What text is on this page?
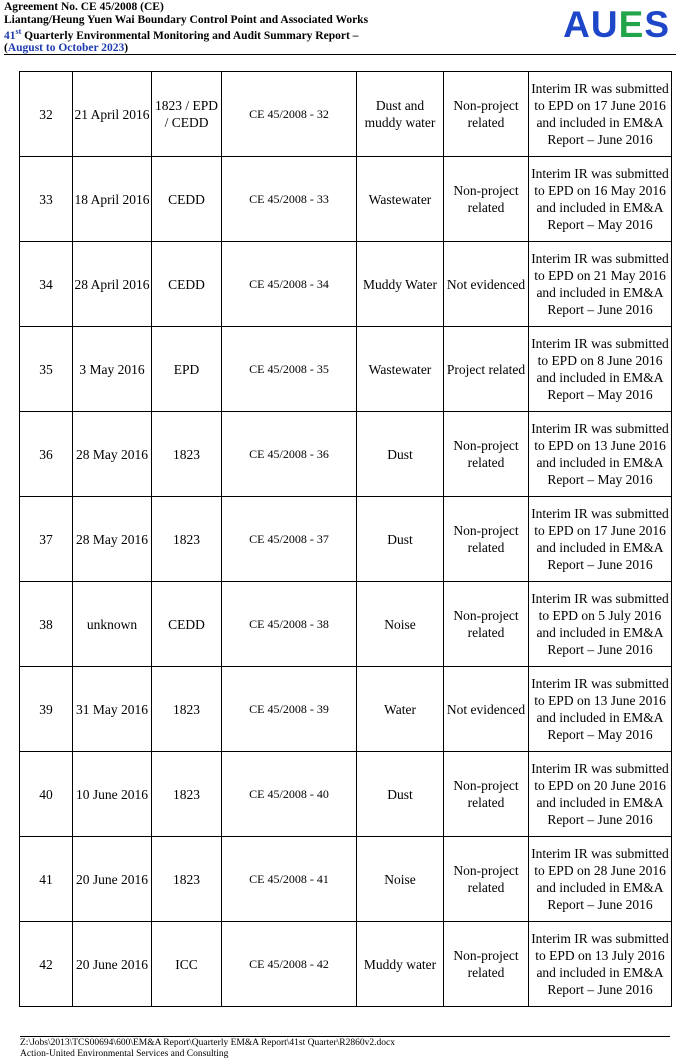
Agreement No. CE 45/2008 (CE)
Liantang/Heung Yuen Wai Boundary Control Point and Associated Works
41st Quarterly Environmental Monitoring and Audit Summary Report –
(August to October 2023)
AUES
32	21 April 2016	1823 / EPD / CEDD	CE 45/2008 - 32	Dust and muddy water	Non-project related	Interim IR was submitted to EPD on 17 June 2016 and included in EM&A Report – June 2016
33	18 April 2016	CEDD	CE 45/2008 - 33	Wastewater	Non-project related	Interim IR was submitted to EPD on 16 May 2016 and included in EM&A Report – May 2016
34	28 April 2016	CEDD	CE 45/2008 - 34	Muddy Water	Not evidenced	Interim IR was submitted to EPD on 21 May 2016 and included in EM&A Report – June 2016
35	3 May 2016	EPD	CE 45/2008 - 35	Wastewater	Project related	Interim IR was submitted to EPD on 8 June 2016 and included in EM&A Report – May 2016
36	28 May 2016	1823	CE 45/2008 - 36	Dust	Non-project related	Interim IR was submitted to EPD on 13 June 2016 and included in EM&A Report – May 2016
37	28 May 2016	1823	CE 45/2008 - 37	Dust	Non-project related	Interim IR was submitted to EPD on 17 June 2016 and included in EM&A Report – June 2016
38	unknown	CEDD	CE 45/2008 - 38	Noise	Non-project related	Interim IR was submitted to EPD on 5 July 2016 and included in EM&A Report – June 2016
39	31 May 2016	1823	CE 45/2008 - 39	Water	Not evidenced	Interim IR was submitted to EPD on 13 June 2016 and included in EM&A Report – May 2016
40	10 June 2016	1823	CE 45/2008 - 40	Dust	Non-project related	Interim IR was submitted to EPD on 20 June 2016 and included in EM&A Report – June 2016
41	20 June 2016	1823	CE 45/2008 - 41	Noise	Non-project related	Interim IR was submitted to EPD on 28 June 2016 and included in EM&A Report – June 2016
42	20 June 2016	ICC	CE 45/2008 - 42	Muddy water	Non-project related	Interim IR was submitted to EPD on 13 July 2016 and included in EM&A Report – June 2016
Z:\Jobs\2013\TCS00694\600\EM&A Report\Quarterly EM&A Report\41st Quarter\R2860v2.docx
Action-United Environmental Services and Consulting
